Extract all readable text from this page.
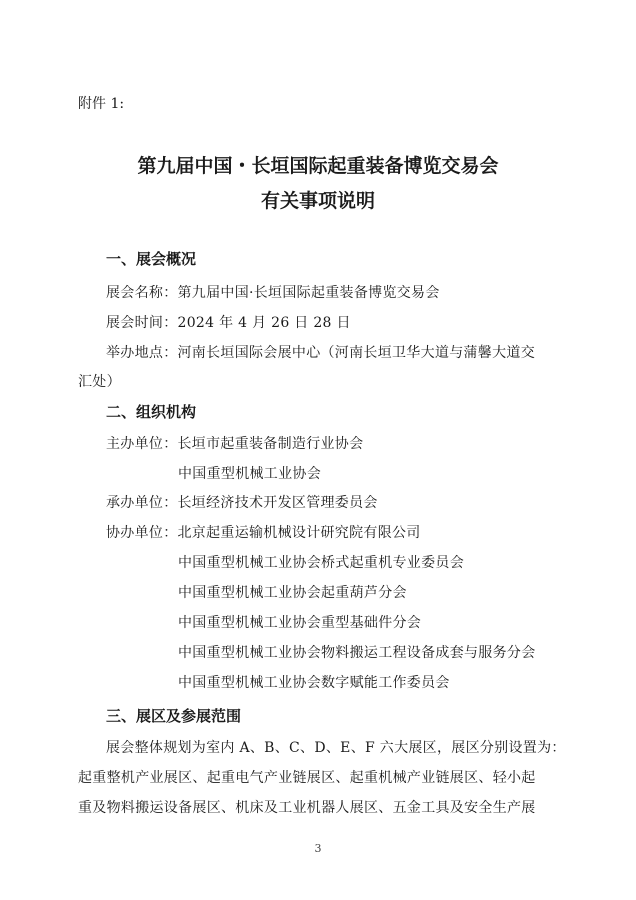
附件 1:
第九届中国・长垣国际起重装备博览交易会
有关事项说明
一、展会概况
展会名称：第九届中国·长垣国际起重装备博览交易会
展会时间：2024 年 4 月 26 日 28 日
举办地点：河南长垣国际会展中心（河南长垣卫华大道与蒲馨大道交
汇处）
二、组织机构
主办单位：长垣市起重装备制造行业协会
中国重型机械工业协会
承办单位：长垣经济技术开发区管理委员会
协办单位：北京起重运输机械设计研究院有限公司
中国重型机械工业协会桥式起重机专业委员会
中国重型机械工业协会起重葫芦分会
中国重型机械工业协会重型基础件分会
中国重型机械工业协会物料搬运工程设备成套与服务分会
中国重型机械工业协会数字赋能工作委员会
三、展区及参展范围
展会整体规划为室内 A、B、C、D、E、F 六大展区，展区分别设置为：
起重整机产业展区、起重电气产业链展区、起重机械产业链展区、轻小起
重及物料搬运设备展区、机床及工业机器人展区、五金工具及安全生产展
3
